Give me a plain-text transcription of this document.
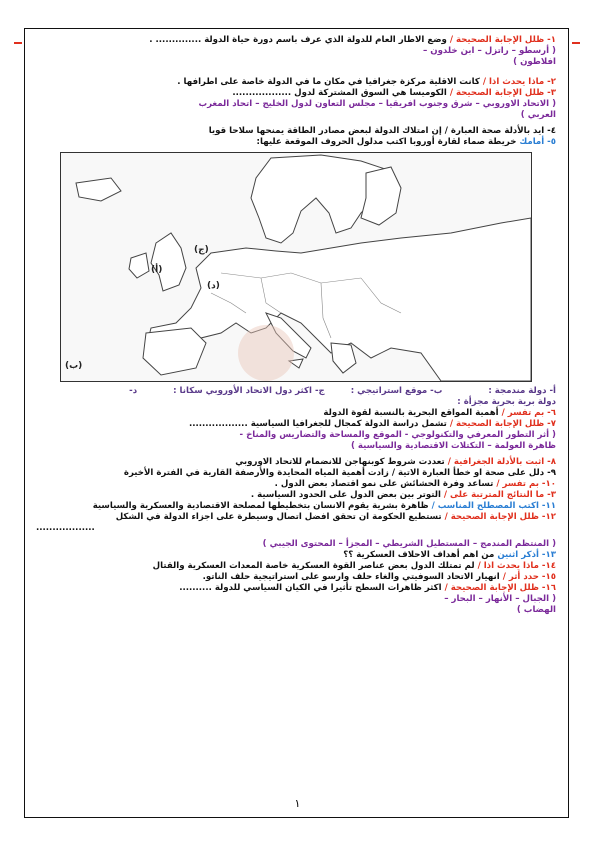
١- ظلل الإجابة الصحيحة / وضع الاطار العام للدولة الذي عرف باسم دورة حياة الدولة .............. .

( أرسطو – راتزل – ابن خلدون –

افلاطون )

٢- ماذا يحدث اذا / كانت الاقلية مركزة جغرافيا في مكان ما في الدولة خاصة على اطرافها .

٣- ظلل الإجابة الصحيحة / الكوميسا هي السوق المشتركة لدول ..................

( الاتحاد الاوروبي – شرق وجنوب افريقيا – مجلس التعاون لدول الخليج – اتحاد المغرب

العربي )

٤- ايد بالأدلة صحة العبارة / إن امتلاك الدولة لبعض مصادر الطاقة يمنحها سلاحا قويا

٥- أمامك خريطة صماء لقارة أوروبا اكتب مدلول الحروف الموقعة عليها:

(ج)
(أ)
(د)
(ب)

أ- دولة مندمجة :  ب- موقع استراتيجي :  ج- اكثر دول الاتحاد الأوروبي سكانا :  د-

دولة برية بحرية مجزأة :

٦- بم تفسر / أهمية المواقع البحرية بالنسبة لقوة الدولة

٧- ظلل الإجابة الصحيحة / تشمل دراسة الدولة كمجال للجغرافيا السياسية ..................

( أثر التطور المعرفي والتكنولوجي - الموقع والمساحة والتضاريس والمناخ -

ظاهرة العولمة – التكتلات الاقتصادية والسياسية )

٨- اثبت بالأدلة الجغرافية / تعددت شروط كوبنهاجن للانضمام للاتحاد الاوروبي

٩- دلل على صحة او خطأ العبارة الاتية / زادت أهمية المياه المحايدة والأرصفة القارية في الفترة الأخيرة

١٠- بم تفسر / تساعد وفرة الحشائش على نمو اقتصاد بعض الدول .

٣- ما النتائج المترتبة على / التوتر بين بعض الدول على الحدود السياسية .

١١- اكتب المصطلح المناسب / ظاهرة بشرية يقوم الانسان بتخطيطها لمصلحة الاقتصادية والعسكرية والسياسية

١٢- ظلل الإجابة الصحيحة / تستطيع الحكومة ان تحقق افضل اتصال وسيطرة على اجزاء الدولة في الشكل

..................

( المنتظم المندمج – المستطيل الشريطي – المجزأ – المحتوى الجيبي )

١٣- أذكر اثنين من اهم أهداف الاحلاف العسكرية ؟؟

١٤- ماذا يحدث اذا / لم تمتلك الدول بعض عناصر القوة العسكرية خاصة المعدات العسكرية والقتال

١٥- حدد أثر / انهيار الاتحاد السوفيتي والغاء حلف وارسو على استراتيجية حلف الناتو.

١٦- ظلل الإجابة الصحيحة / اكثر ظاهرات السطح تأثيرا في الكيان السياسي للدولة ..........

( الجبال – الأنهار – البحار –

الهضاب )

١
